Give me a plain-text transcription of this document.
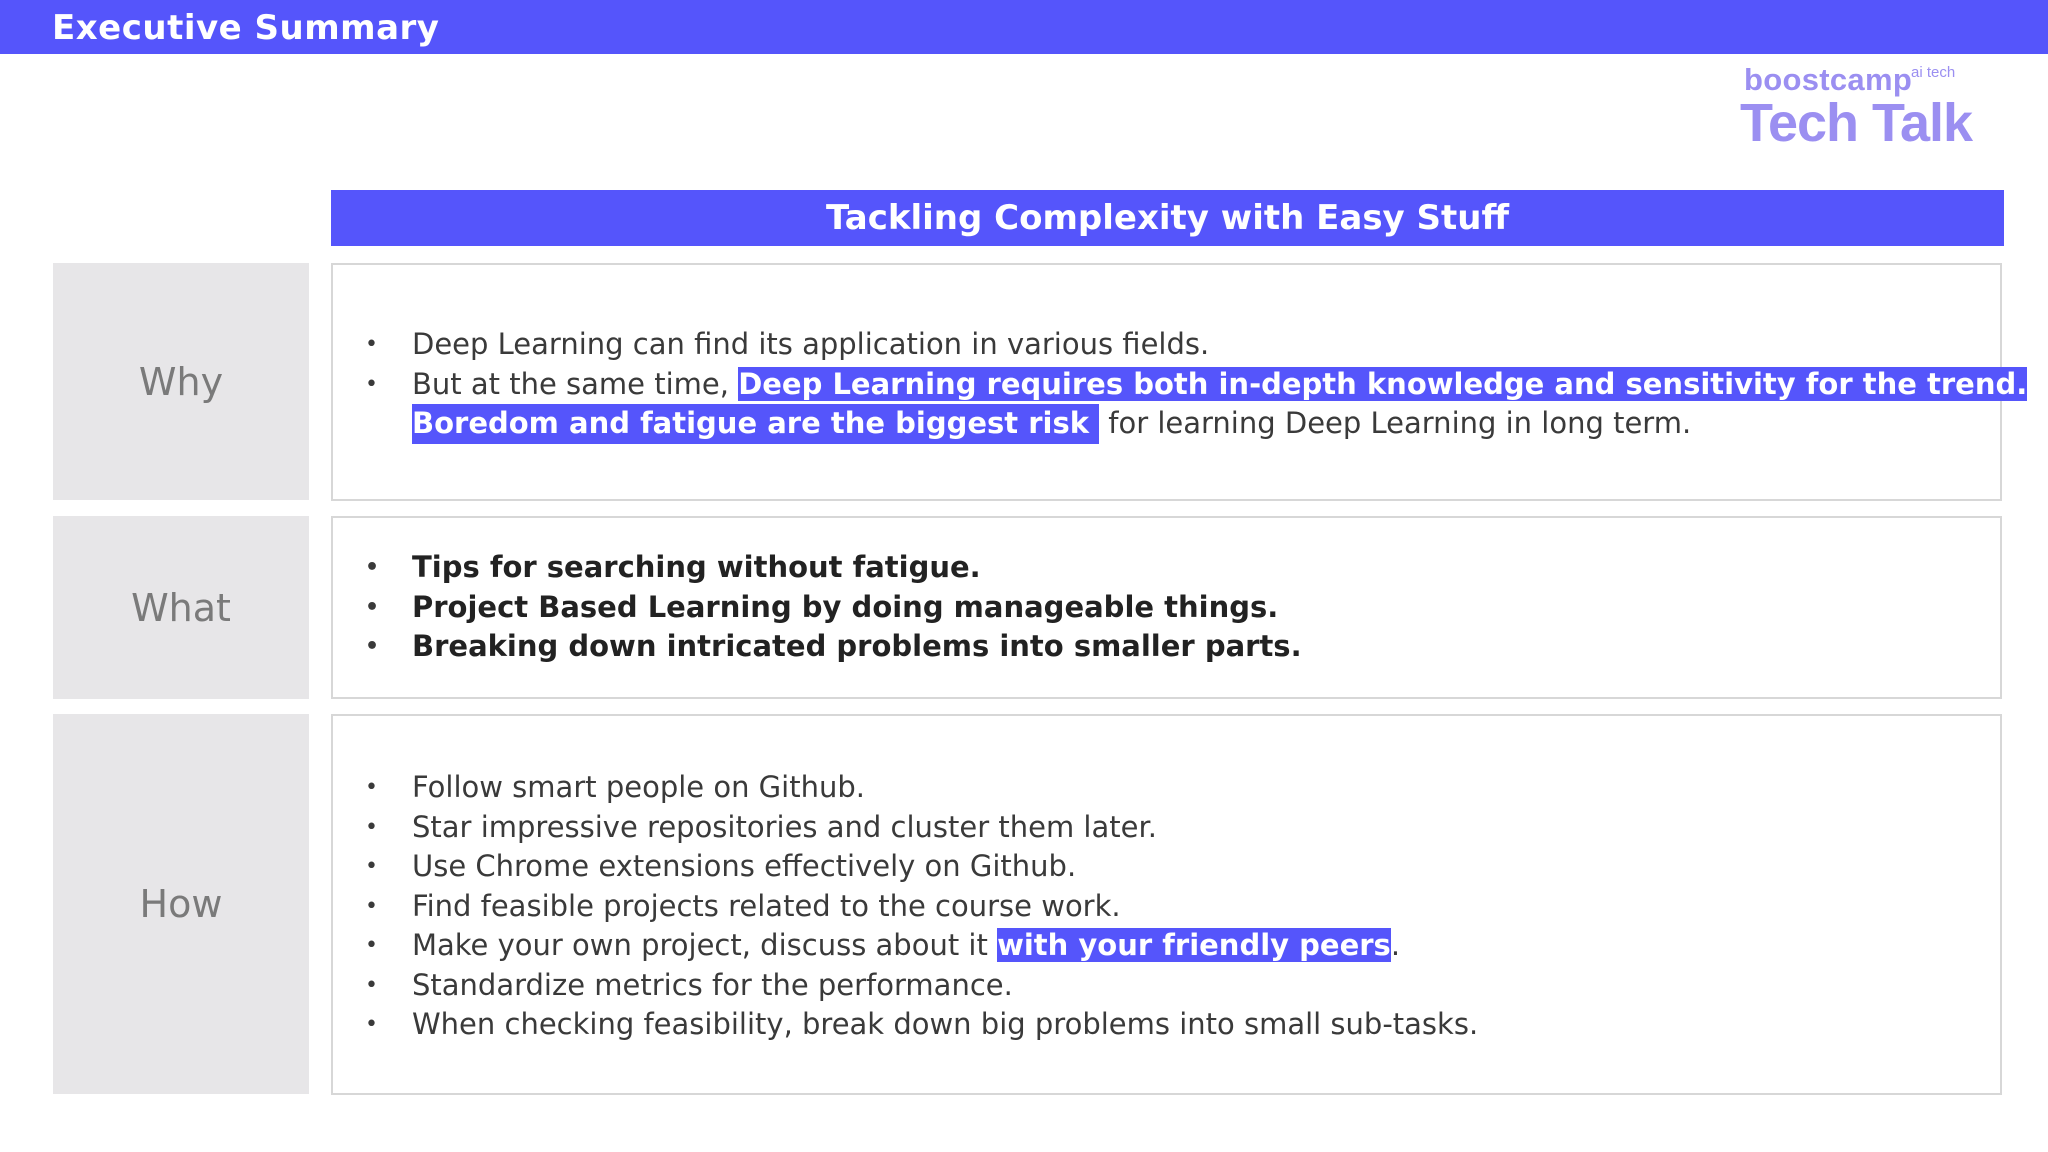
Executive Summary
boostcamp
ai tech
Tech Talk
Tackling Complexity with Easy Stuff
Why
• Deep Learning can find its application in various fields.
• But at the same time, Deep Learning requires both in-depth knowledge and sensitivity for the trend.
Boredom and fatigue are the biggest risk for learning Deep Learning in long term.
What
• Tips for searching without fatigue.
• Project Based Learning by doing manageable things.
• Breaking down intricated problems into smaller parts.
How
• Follow smart people on Github.
• Star impressive repositories and cluster them later.
• Use Chrome extensions effectively on Github.
• Find feasible projects related to the course work.
• Make your own project, discuss about it with your friendly peers.
• Standardize metrics for the performance.
• When checking feasibility, break down big problems into small sub-tasks.
